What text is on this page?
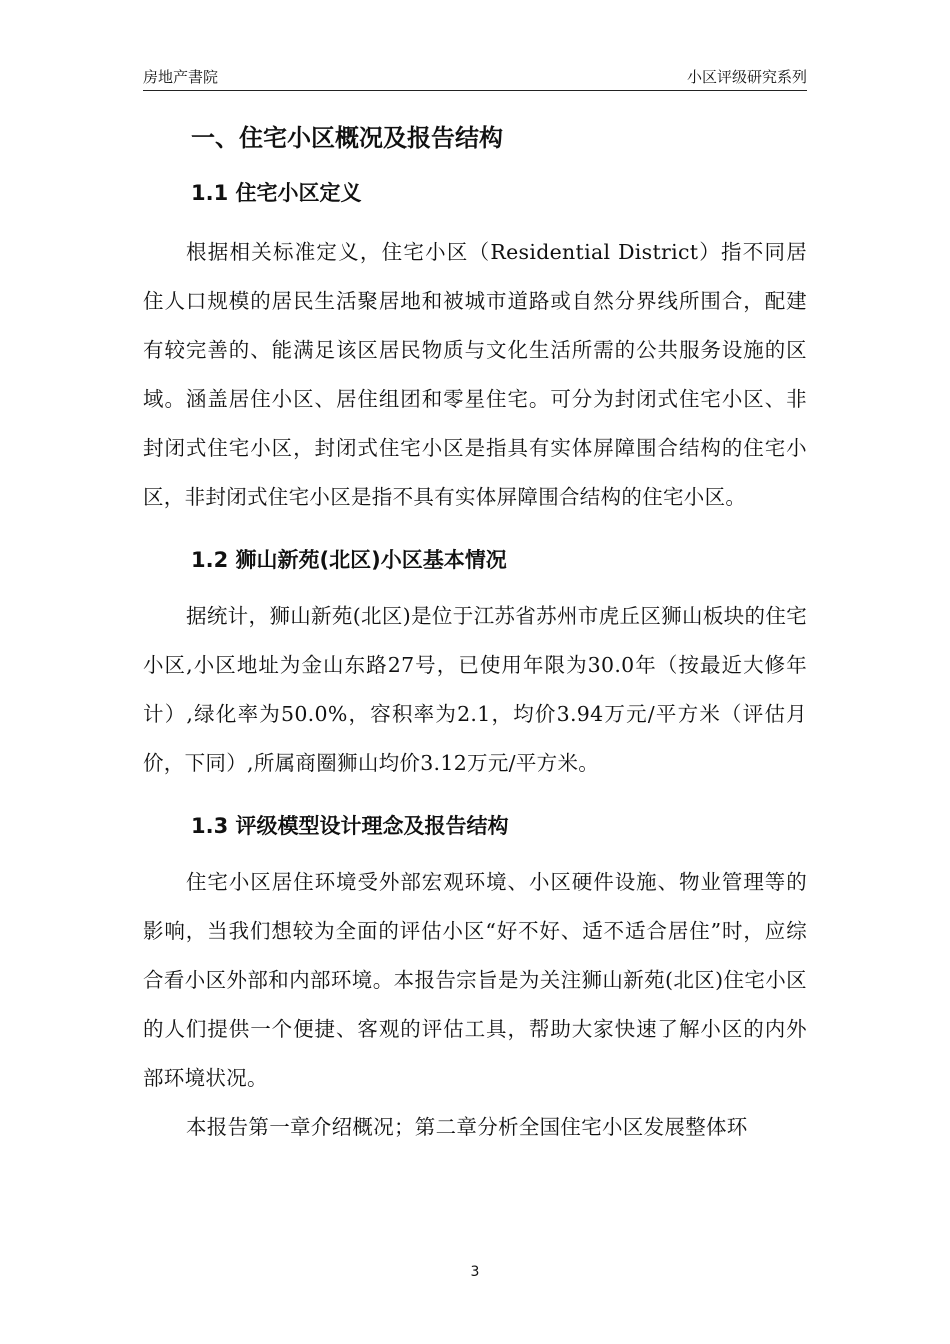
房地产書院	小区评级研究系列
一、住宅小区概况及报告结构
1.1 住宅小区定义

根据相关标准定义，住宅小区（Residential District）指不同居住人口规模的居民生活聚居地和被城市道路或自然分界线所围合，配建有较完善的、能满足该区居民物质与文化生活所需的公共服务设施的区域。涵盖居住小区、居住组团和零星住宅。可分为封闭式住宅小区、非封闭式住宅小区，封闭式住宅小区是指具有实体屏障围合结构的住宅小区，非封闭式住宅小区是指不具有实体屏障围合结构的住宅小区。

1.2 狮山新苑(北区)小区基本情况

据统计，狮山新苑(北区)是位于江苏省苏州市虎丘区狮山板块的住宅小区,小区地址为金山东路27号，已使用年限为30.0年（按最近大修年计）,绿化率为50.0%，容积率为2.1，均价3.94万元/平方米（评估月价，下同）,所属商圈狮山均价3.12万元/平方米。

1.3 评级模型设计理念及报告结构

住宅小区居住环境受外部宏观环境、小区硬件设施、物业管理等的影响，当我们想较为全面的评估小区“好不好、适不适合居住”时，应综合看小区外部和内部环境。本报告宗旨是为关注狮山新苑(北区)住宅小区的人们提供一个便捷、客观的评估工具，帮助大家快速了解小区的内外部环境状况。

本报告第一章介绍概况；第二章分析全国住宅小区发展整体环

3
